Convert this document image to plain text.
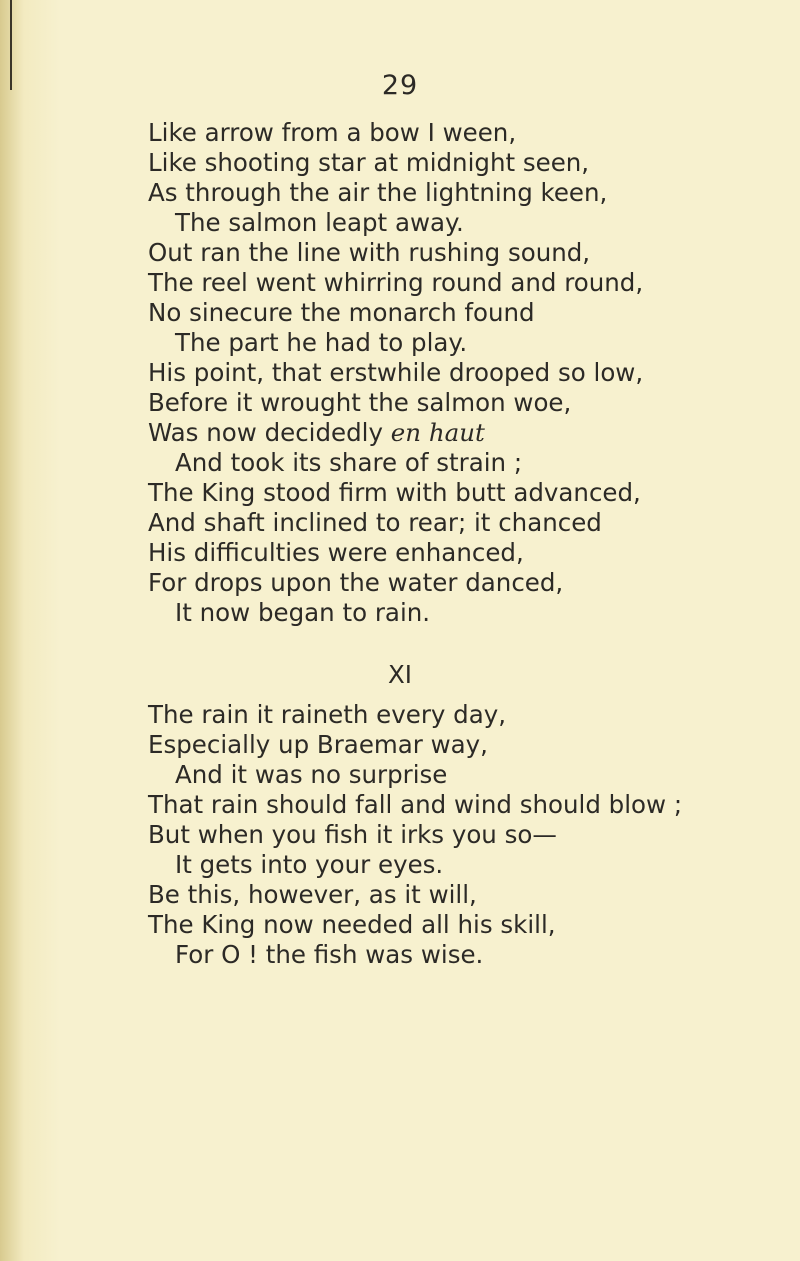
29
Like arrow from a bow I ween,
Like shooting star at midnight seen,
As through the air the lightning keen,
The salmon leapt away.
Out ran the line with rushing sound,
The reel went whirring round and round,
No sinecure the monarch found
The part he had to play.
His point, that erstwhile drooped so low,
Before it wrought the salmon woe,
Was now decidedly en haut
And took its share of strain ;
The King stood firm with butt advanced,
And shaft inclined to rear; it chanced
His difficulties were enhanced,
For drops upon the water danced,
It now began to rain.
XI
The rain it raineth every day,
Especially up Braemar way,
And it was no surprise
That rain should fall and wind should blow ;
But when you fish it irks you so—
It gets into your eyes.
Be this, however, as it will,
The King now needed all his skill,
For O ! the fish was wise.
